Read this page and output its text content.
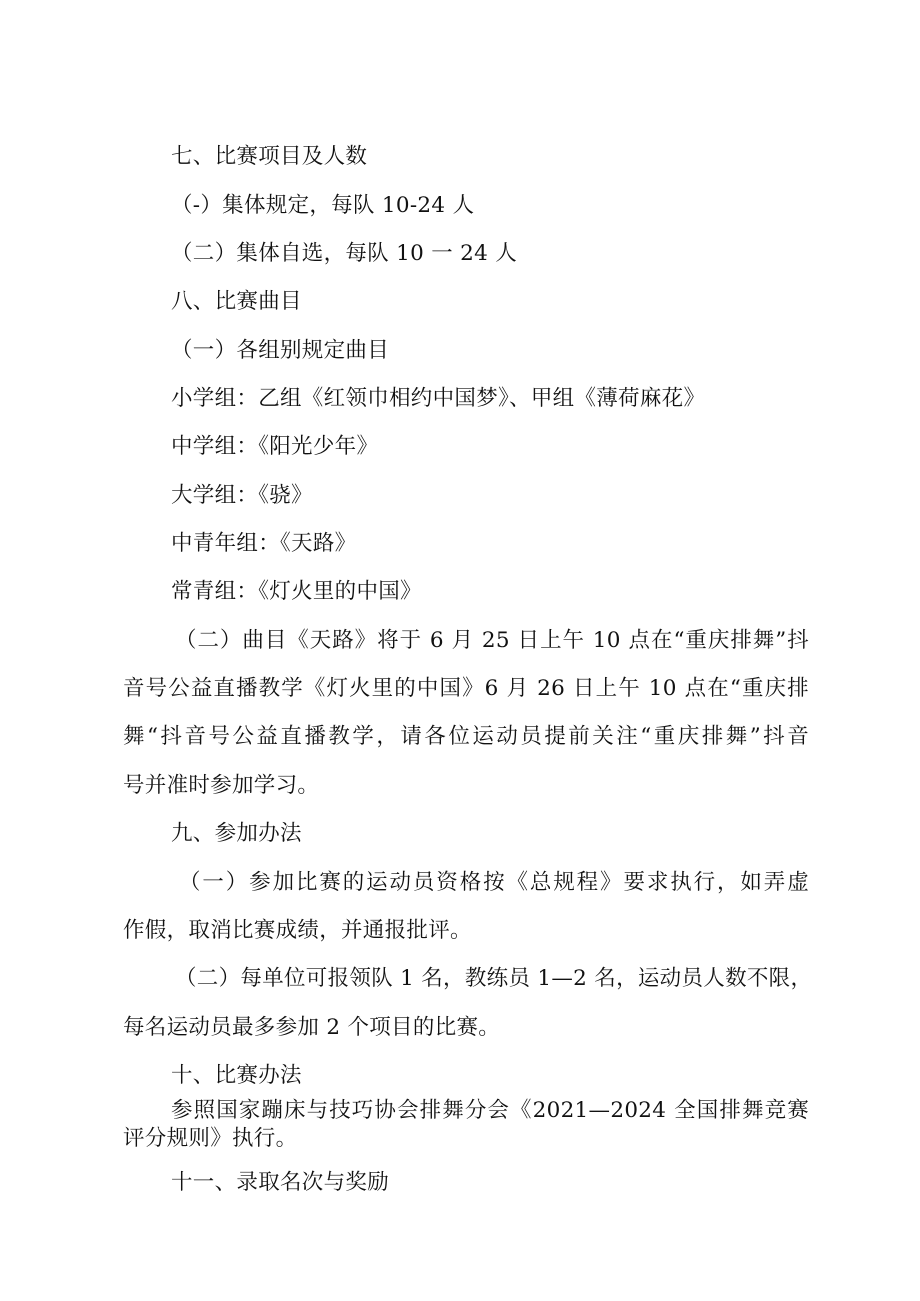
七、比赛项目及人数
（-）集体规定，每队 10-24 人
（二）集体自选，每队 10 一 24 人
八、比赛曲目
（一）各组别规定曲目
小学组：乙组《红领巾相约中国梦》、甲组《薄荷麻花》
中学组：《阳光少年》
大学组：《骁》
中青年组：《天路》
常青组：《灯火里的中国》
（二）曲目《天路》将于 6 月 25 日上午 10 点在“重庆排舞”抖
音号公益直播教学《灯火里的中国》6 月 26 日上午 10 点在“重庆排
舞“抖音号公益直播教学，请各位运动员提前关注“重庆排舞”抖音
号并准时参加学习。
九、参加办法
（一）参加比赛的运动员资格按《总规程》要求执行，如弄虚
作假，取消比赛成绩，并通报批评。
（二）每单位可报领队 1 名，教练员 1—2 名，运动员人数不限，
每名运动员最多参加 2 个项目的比赛。
十、比赛办法
参照国家蹦床与技巧协会排舞分会《2021—2024 全国排舞竞赛
评分规则》执行。
十一、录取名次与奖励
